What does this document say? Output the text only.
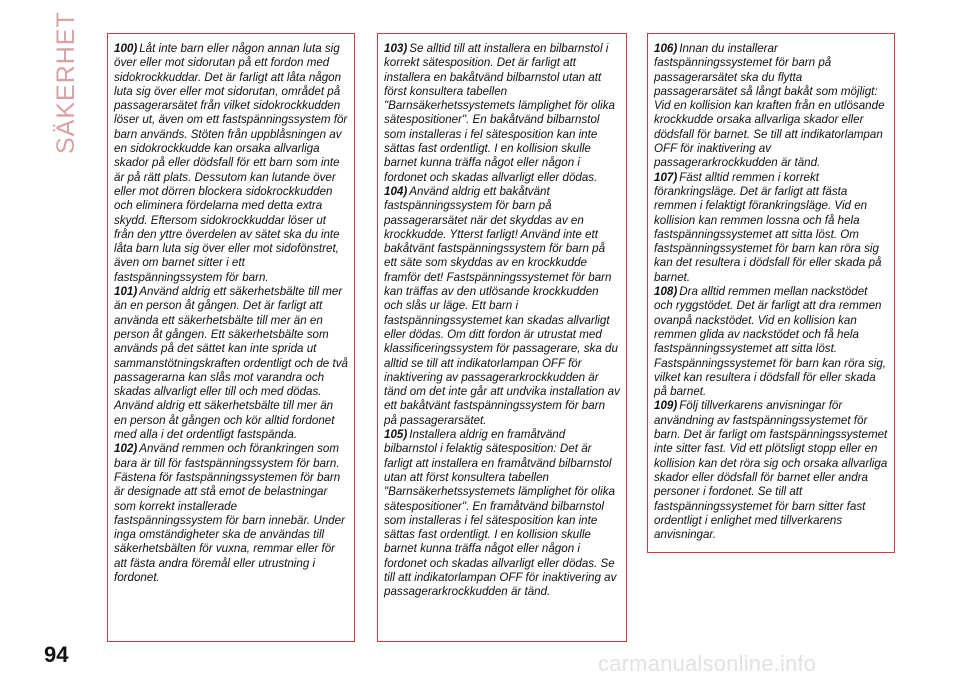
SÄKERHET	100) Låt inte barn eller någon annan luta sig över eller mot sidorutan på ett fordon med sidokrockkuddar. Det är farligt att låta någon luta sig över eller mot sidorutan, området på passagerarsätet från vilket sidokrockkudden löser ut, även om ett fastspänningssystem för barn används. Stöten från uppblåsningen av en sidokrockkudde kan orsaka allvarliga skador på eller dödsfall för ett barn som inte är på rätt plats. Dessutom kan lutande över eller mot dörren blockera sidokrockkudden och eliminera fördelarna med detta extra skydd. Eftersom sidokrockkuddar löser ut från den yttre överdelen av sätet ska du inte låta barn luta sig över eller mot sidofönstret, även om barnet sitter i ett fastspänningssystem för barn.

101) Använd aldrig ett säkerhetsbälte till mer än en person åt gången. Det är farligt att använda ett säkerhetsbälte till mer än en person åt gången. Ett säkerhetsbälte som används på det sättet kan inte sprida ut sammanstötningskraften ordentligt och de två passagerarna kan slås mot varandra och skadas allvarligt eller till och med dödas. Använd aldrig ett säkerhetsbälte till mer än en person åt gången och kör alltid fordonet med alla i det ordentligt fastspända.

102) Använd remmen och förankringen som bara är till för fastspänningssystem för barn. Fästena för fastspänningssystemen för barn är designade att stå emot de belastningar som korrekt installerade fastspänningssystem för barn innebär. Under inga omständigheter ska de användas till säkerhetsbälten för vuxna, remmar eller för att fästa andra föremål eller utrustning i fordonet.

103) Se alltid till att installera en bilbarnstol i korrekt sätesposition. Det är farligt att installera en bakåtvänd bilbarnstol utan att först konsultera tabellen "Barnsäkerhetssystemets lämplighet för olika sätespositioner". En bakåtvänd bilbarnstol som installeras i fel sätesposition kan inte sättas fast ordentligt. I en kollision skulle barnet kunna träffa något eller någon i fordonet och skadas allvarligt eller dödas.

104) Använd aldrig ett bakåtvänt fastspänningssystem för barn på passagerarsätet när det skyddas av en krockkudde. Ytterst farligt! Använd inte ett bakåtvänt fastspänningssystem för barn på ett säte som skyddas av en krockkudde framför det! Fastspänningssystemet för barn kan träffas av den utlösande krockkudden och slås ur läge. Ett barn i fastspänningssystemet kan skadas allvarligt eller dödas. Om ditt fordon är utrustat med klassificeringssystem för passagerare, ska du alltid se till att indikatorlampan OFF för inaktivering av passagerarkrockkudden är tänd om det inte går att undvika installation av ett bakåtvänt fastspänningssystem för barn på passagerarsätet.

105) Installera aldrig en framåtvänd bilbarnstol i felaktig sätesposition: Det är farligt att installera en framåtvänd bilbarnstol utan att först konsultera tabellen "Barnsäkerhetssystemets lämplighet för olika sätespositioner". En framåtvänd bilbarnstol som installeras i fel sätesposition kan inte sättas fast ordentligt. I en kollision skulle barnet kunna träffa något eller någon i fordonet och skadas allvarligt eller dödas. Se till att indikatorlampan OFF för inaktivering av passagerarkrockkudden är tänd.

106) Innan du installerar fastspänningssystemet för barn på passagerarsätet ska du flytta passagerarsätet så långt bakåt som möjligt: Vid en kollision kan kraften från en utlösande krockkudde orsaka allvarliga skador eller dödsfall för barnet. Se till att indikatorlampan OFF för inaktivering av passagerarkrockkudden är tänd.

107) Fäst alltid remmen i korrekt förankringsläge. Det är farligt att fästa remmen i felaktigt förankringsläge. Vid en kollision kan remmen lossna och få hela fastspänningssystemet att sitta löst. Om fastspänningssystemet för barn kan röra sig kan det resultera i dödsfall för eller skada på barnet.

108) Dra alltid remmen mellan nackstödet och ryggstödet. Det är farligt att dra remmen ovanpå nackstödet. Vid en kollision kan remmen glida av nackstödet och få hela fastspänningssystemet att sitta löst. Fastspänningssystemet för barn kan röra sig, vilket kan resultera i dödsfall för eller skada på barnet.

109) Följ tillverkarens anvisningar för användning av fastspänningssystemet för barn. Det är farligt om fastspänningssystemet inte sitter fast. Vid ett plötsligt stopp eller en kollision kan det röra sig och orsaka allvarliga skador eller dödsfall för barnet eller andra personer i fordonet. Se till att fastspänningssystemet för barn sitter fast ordentligt i enlighet med tillverkarens anvisningar.

94	carmanualsonline.info
